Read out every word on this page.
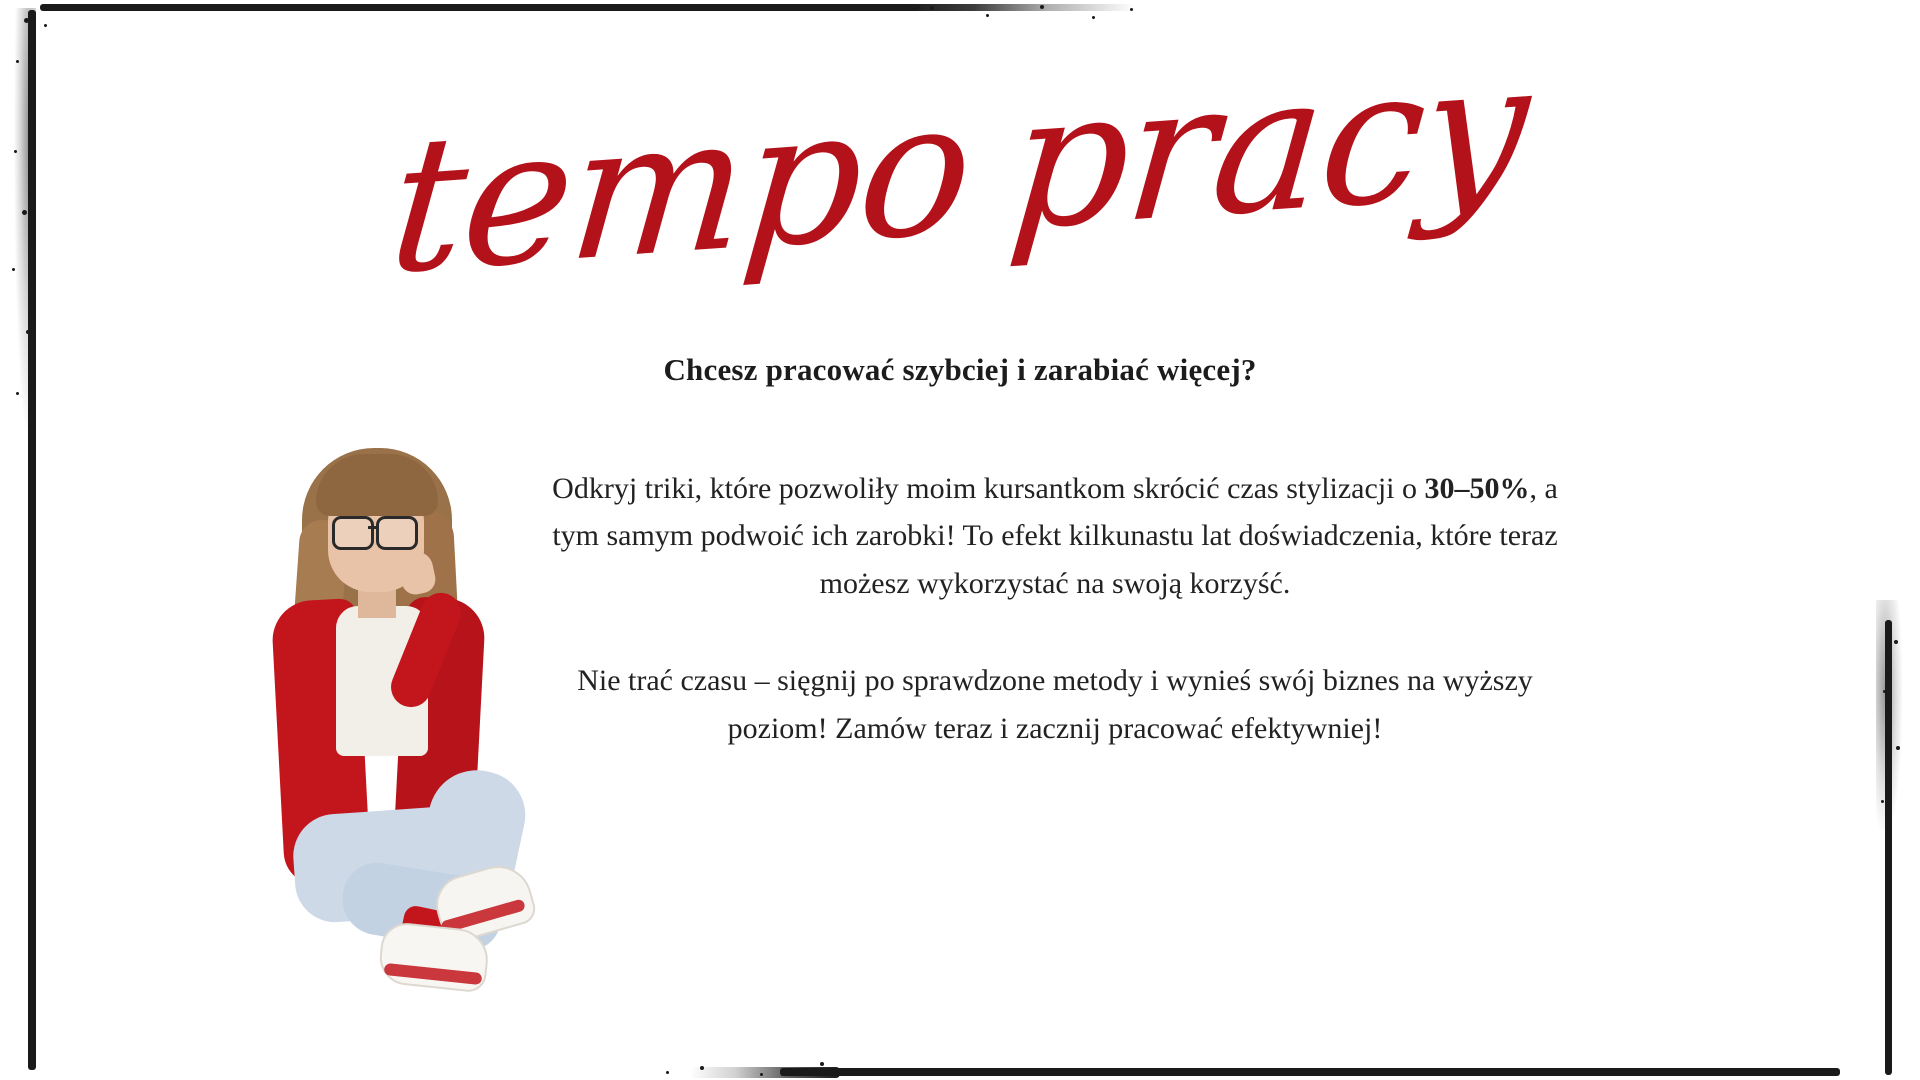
tempo pracy
Chcesz pracować szybciej i zarabiać więcej?

Odkryj triki, które pozwoliły moim kursantkom skrócić czas stylizacji o 30–50%, a tym samym podwoić ich zarobki! To efekt kilkunastu lat doświadczenia, które teraz możesz wykorzystać na swoją korzyść.

Nie trać czasu – sięgnij po sprawdzone metody i wynieś swój biznes na wyższy poziom! Zamów teraz i zacznij pracować efektywniej!
